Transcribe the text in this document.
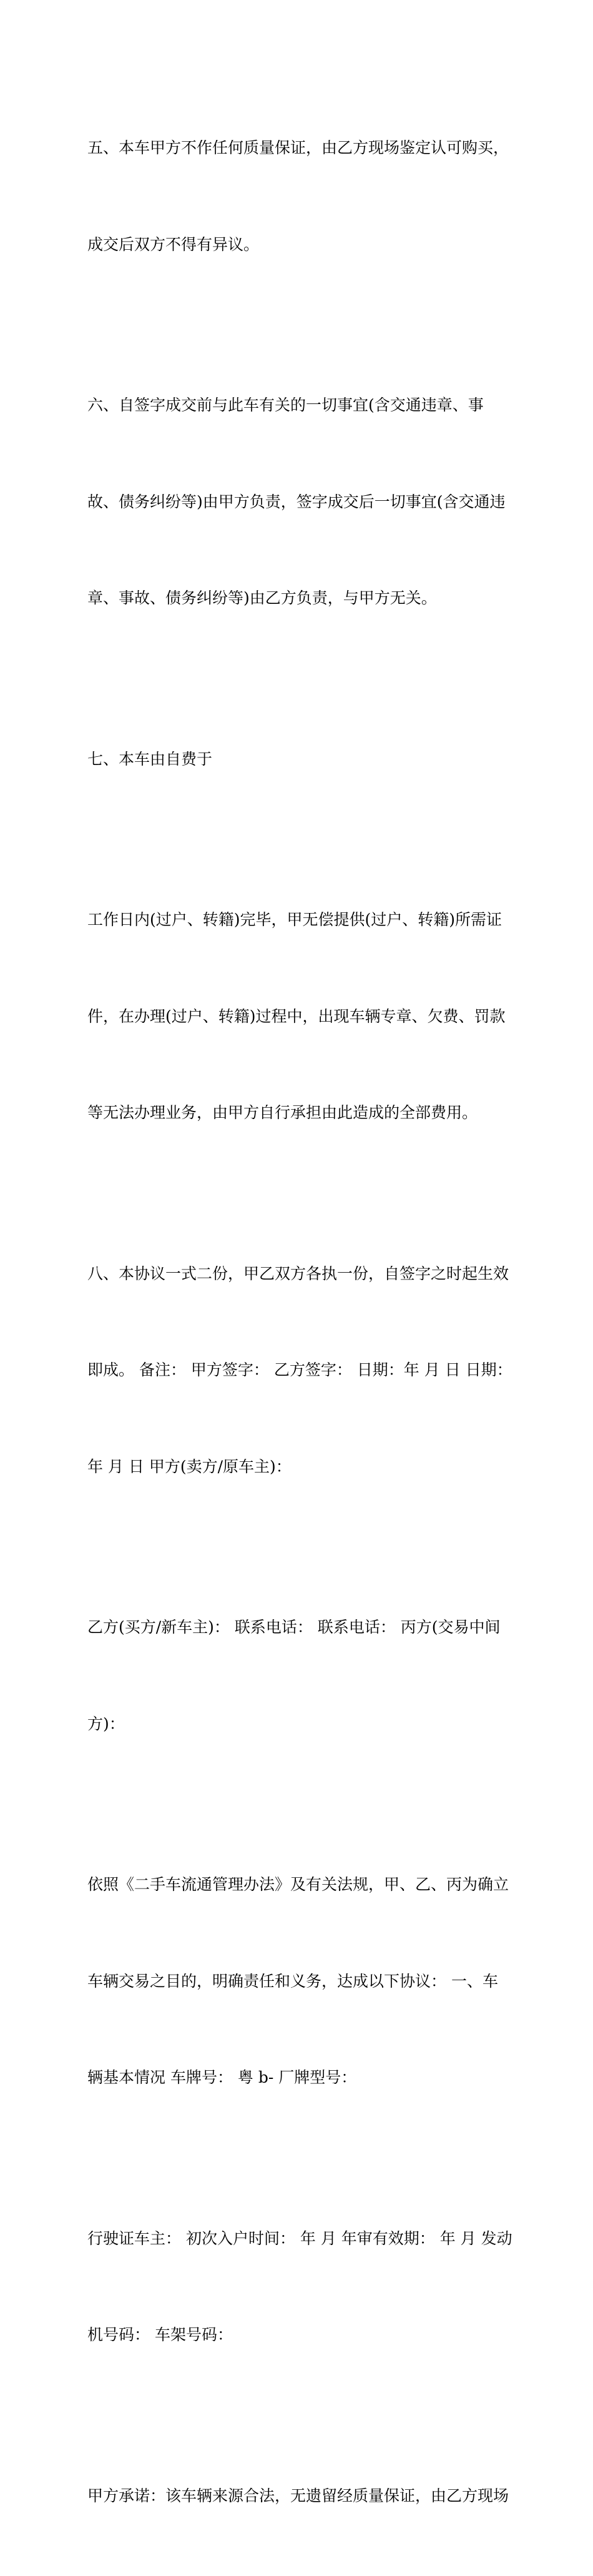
五、本车甲方不作任何质量保证，由乙方现场鉴定认可购买，

成交后双方不得有异议。

六、自签字成交前与此车有关的一切事宜(含交通违章、事

故、债务纠纷等)由甲方负责，签字成交后一切事宜(含交通违

章、事故、债务纠纷等)由乙方负责，与甲方无关。

七、本车由自费于

工作日内(过户、转籍)完毕，甲无偿提供(过户、转籍)所需证

件，在办理(过户、转籍)过程中，出现车辆专章、欠费、罚款

等无法办理业务，由甲方自行承担由此造成的全部费用。

八、本协议一式二份，甲乙双方各执一份，自签字之时起生效

即成。 备注： 甲方签字： 乙方签字： 日期：年 月 日 日期：

年 月 日 甲方(卖方/原车主)：

乙方(买方/新车主)： 联系电话： 联系电话： 丙方(交易中间

方)：

依照《二手车流通管理办法》及有关法规，甲、乙、丙为确立

车辆交易之目的，明确责任和义务，达成以下协议： 一、车

辆基本情况 车牌号： 粤 b- 厂牌型号：

行驶证车主： 初次入户时间： 年 月 年审有效期： 年 月 发动

机号码： 车架号码：

甲方承诺：该车辆来源合法，无遗留经质量保证，由乙方现场
